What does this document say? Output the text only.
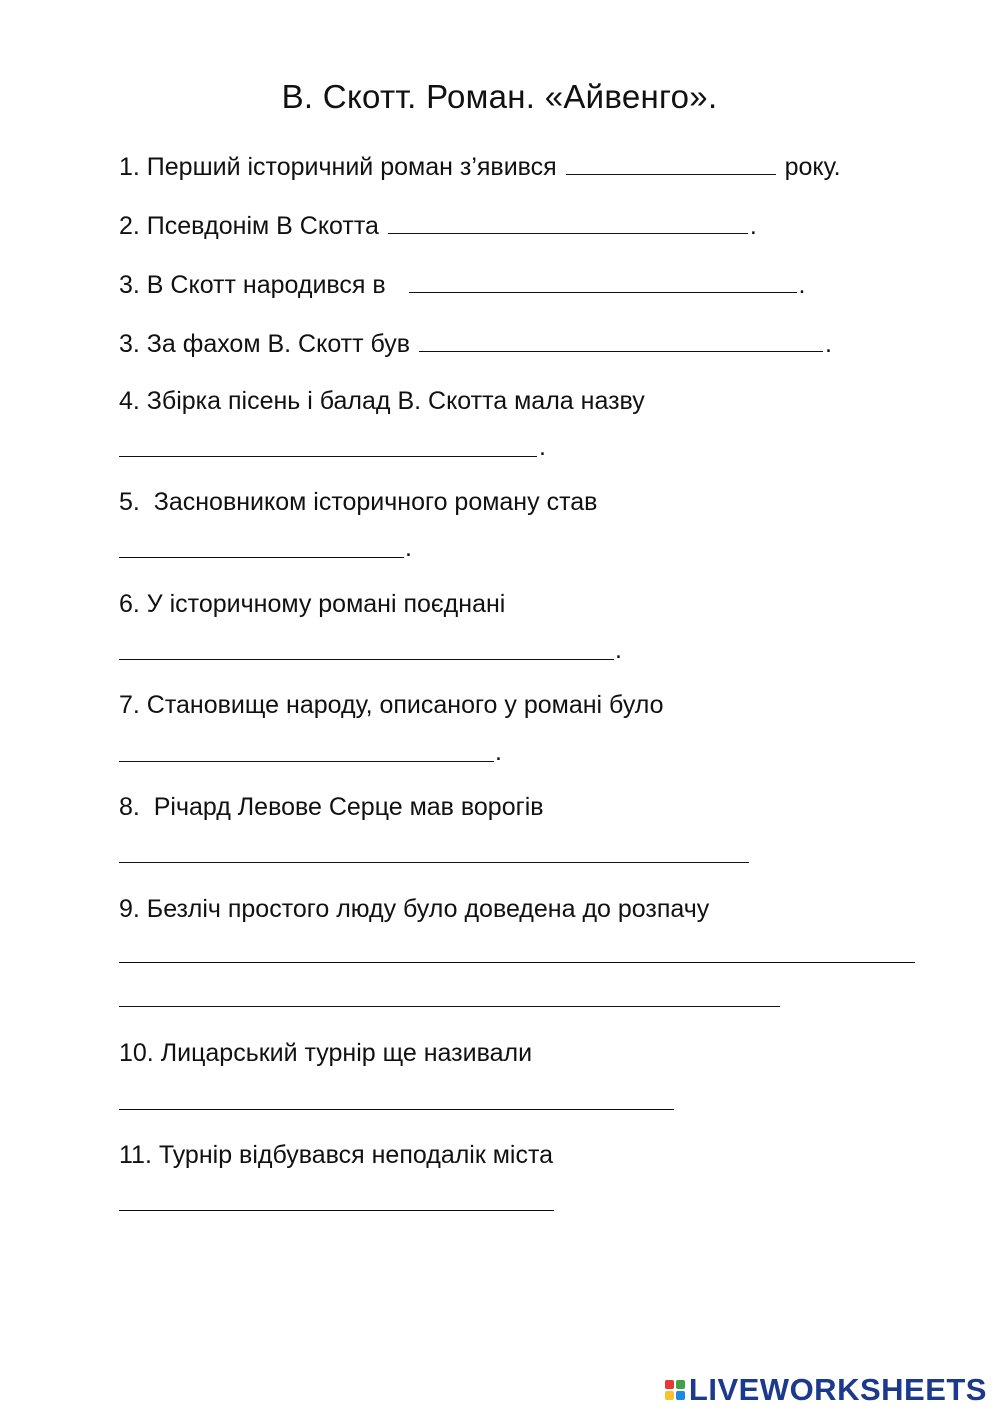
В. Скотт. Роман. «Айвенго».
1. Перший історичний роман з’явився	року.
2. Псевдонім В Скотта	.
3. В Скотт народився в	.
3. За фахом В. Скотт був	.
4. Збірка пісень і балад В. Скотта мала назву
.
5.  Засновником історичного роману став
.
6. У історичному романі поєднані
.
7. Становище народу, описаного у романі було
.
8.  Річард Левове Серце мав ворогів
9. Безліч простого люду було доведена до розпачу
10. Лицарський турнір ще називали
11. Турнір відбувався неподалік міста
LIVEWORKSHEETS
